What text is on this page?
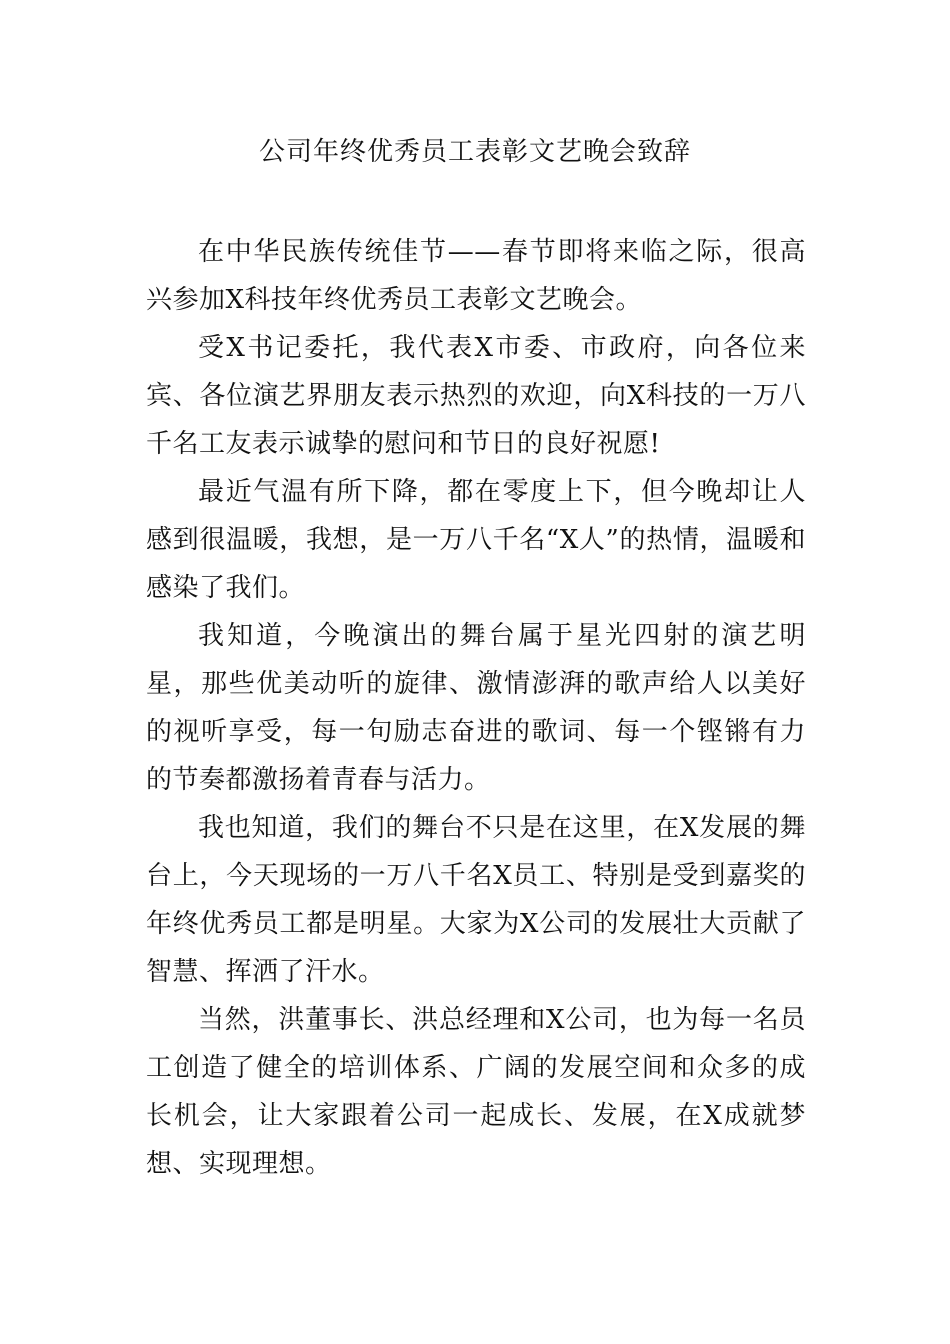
公司年终优秀员工表彰文艺晚会致辞

在中华民族传统佳节——春节即将来临之际，很高兴参加X科技年终优秀员工表彰文艺晚会。

受X书记委托，我代表X市委、市政府，向各位来宾、各位演艺界朋友表示热烈的欢迎，向X科技的一万八千名工友表示诚挚的慰问和节日的良好祝愿!

最近气温有所下降，都在零度上下，但今晚却让人感到很温暖，我想，是一万八千名“X人”的热情，温暖和感染了我们。

我知道，今晚演出的舞台属于星光四射的演艺明星，那些优美动听的旋律、激情澎湃的歌声给人以美好的视听享受，每一句励志奋进的歌词、每一个铿锵有力的节奏都激扬着青春与活力。

我也知道，我们的舞台不只是在这里，在X发展的舞台上，今天现场的一万八千名X员工、特别是受到嘉奖的年终优秀员工都是明星。大家为X公司的发展壮大贡献了智慧、挥洒了汗水。

当然，洪董事长、洪总经理和X公司，也为每一名员工创造了健全的培训体系、广阔的发展空间和众多的成长机会，让大家跟着公司一起成长、发展，在X成就梦想、实现理想。
